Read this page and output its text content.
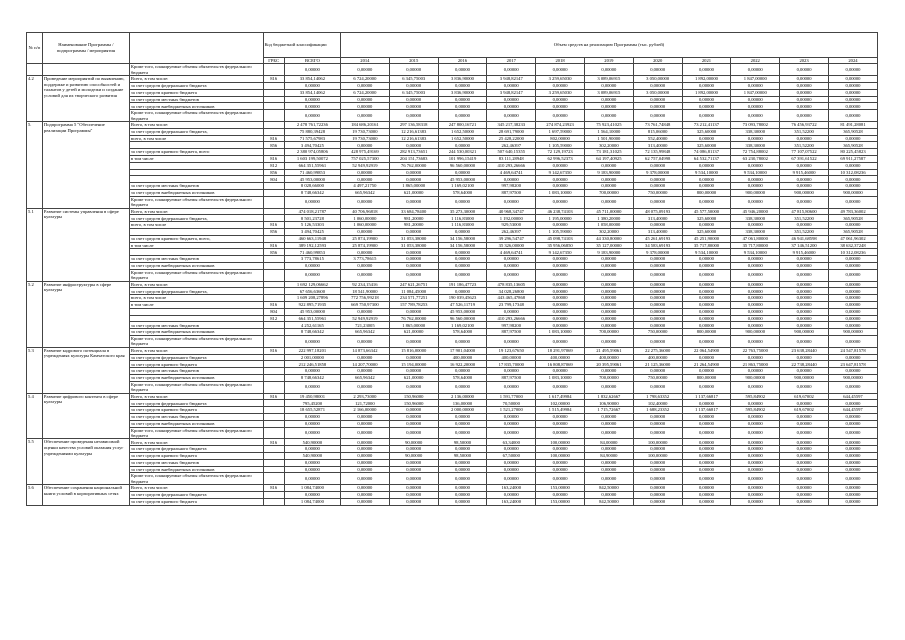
№ п/п	Наименование Программы / подпрограммы / мероприятия		Код бюджетной классификации		Объем средств на реализацию Программы (тыс. рублей)										
			ГРБС	ВСЕГО	2014	2015	2016	2017	2018	2019	2020	2021	2022	2023	2024
		Кроме того, планируемые объемы обязательств федерального бюджета		0,00000	0,00000	0,00000	0,00000	0,00000	0,00000	0,00000	0,00000	0,00000	0,00000	0,00000	0,00000
4.2	Проведение мероприятий по выявлению, поддержке и развитию способностей и талантов у детей и молодежи и создание условий для их творческого развития	Всего, в том числе:	816	33 854,14062	6 724,20000	6 345,75003	3 836,90000	3 948,82147	3 259,65030	3 089,06915	3 050,00000	1 892,00000	1 847,00000	0,00000	0,00000
		за счет средств федерального бюджета		0,00000	0,00000	0,00000	0,00000	0,00000	0,00000	0,00000	0,00000	0,00000	0,00000	0,00000	0,00000
		за счет средств краевого бюджета		33 854,14062	6 724,20000	6 345,75003	3 836,90000	3 948,82147	3 259,65030	3 089,06915	3 050,00000	1 892,00000	1 847,00000	0,00000	0,00000
		за счет средств местных бюджетов		0,00000	0,00000	0,00000	0,00000	0,00000	0,00000	0,00000	0,00000	0,00000	0,00000	0,00000	0,00000
		за счет средств внебюджетных источников		0,00000	0,00000	0,00000	0,00000	0,00000	0,00000	0,00000	0,00000	0,00000	0,00000	0,00000	0,00000
		Кроме того, планируемые объемы обязательств федерального бюджета		0,00000	0,00000	0,00000	0,00000	0,00000	0,00000	0,00000	0,00000	0,00000	0,00000	0,00000	0,00000
5.	Подпрограмма 5 "Обеспечение реализации Программы"	Всего, в том числе:		2 478 761,72236	184 686,20161	297 136,58318	247 800,16721	345 217,38233	274 874,23923	75 923,41025	73 761,74848	73 212,41137	73 093,78002	76 456,93722	81 491,28081
		за счет средств федерального бюджета,		75 880,39428	19 730,73000	12 216,61383	1 652,50000	28 691,79000	1 697,59000	1 564,10000	815,06000	325,60000	338,30000	351,52200	365,90528
		всего, в том числе	816	71 575,67983	19 730,73000	12 216,61383	1 652,50000	25 428,22000	802,00000	1 501,90000	552,40000	0,00000	0,00000	0,00000	0,00000
			856	3 494,70425	0,00000	0,00000	0,00000	262,46397	1 105,59000	302,20000	313,40000	325,60000	338,30000	351,52200	365,90528
		за счет средств краевого бюджета, всего		2 380 974,05806	428 975,49169	282 913,73651	244 530,00321	507 640,15355	72 129,19723	73 181,31025	72 135,99848	74 086,81137	72 754,88002	77 107,07522	80 225,45823
		в том числе	816	1 603 199,50072	757 025,57300	204 151,73683	101 996,15419	83 111,28948	62 996,52373	64 197,40925	62 757,04998	64 532,71137	63 230,78002	67 391,61522	69 911,27587
			812	664 351,55961	52 949,92919	76 762,00000	96 560,00000	410 293,26666	0,00000	0,00000	0,00000	0,00000	0,00000	0,00000	0,00000
			856	71 460,99853	0,00000	0,00000	0,00000	4 469,64741	9 142,67350	9 183,90000	9 378,00000	9 534,10000	9 534,10000	9 915,46000	10 312,08236
			804	45 953,00000	0,00000	0,00000	45 953,00000	0,00000	0,00000	0,00000	0,00000	0,00000	0,00000	0,00000	0,00000
		за счет средств местных бюджетов		8 028,66000	4 497,21750	1 865,00000	1 169,02100	997,98200	0,00000	0,00000	0,00000	0,00000	0,00000	0,00000	0,00000
		за счет средств внебюджетных источников		8 748,66342	665,96342	621,00000	578,64000	887,97500	1 083,10000	700,00000	750,00000	800,00000	900,00000	900,00000	900,00000
		Кроме того, планируемые объемы обязательств федерального бюджета		0,00000	0,00000	0,00000	0,00000	0,00000	0,00000	0,00000	0,00000	0,00000	0,00000	0,00000	0,00000
5.1	Развитие системы управления в сфере культуры	Всего, в том числе:		474 018,21787	40 706,96818	33 684,78400	35 273,30000	40 968,34747	46 238,74103	45 711,00000	48 075,09193	45 577,50000	45 946,20000	47 815,80600	49 783,36002
		за счет средств федерального бюджета,		8 501,23728	1 060,00000	981,20000	1 116,83000	1 192,00000	1 195,00000	1 380,20000	313,40000	325,60000	338,30000	351,52200	365,90528
		всего, в том числе	816	5 126,53303	1 060,00000	981,20000	1 116,83000	929,53000	0,00000	1 058,00000	0,00000	0,00000	0,00000	0,00000	0,00000
			856	3 494,70425	0,00000	0,00000	0,00000	262,46397	1 105,59000	302,20000	313,40000	325,60000	338,30000	351,52200	365,90528
		за счет средств краевого бюджета, всего,		460 663,11948	25 874,19900	31 053,38000	34 156,58000	39 296,54747	45 098,74103	44 330,80000	45 261,69193	45 251,90000	47 061,80000	46 941,68598	47 061,96302
		в том числе	816	389 192,12593	25 874,19900	31 053,38000	34 156,58000	35 326,00000	35 956,06850	35 127,00000	34 583,69193	35 717,80000	35 717,80000	37 146,51200	38 632,37248
			856	71 460,99853	0,00000	0,00000	0,00000	4 469,64741	9 142,67350	9 183,90000	9 378,00000	9 534,10000	9 534,10000	9 915,46000	10 312,08236
		за счет средств местных бюджетов		3 773,78615	3 773,78615	0,00000	0,00000	0,00000	0,00000	0,00000	0,00000	0,00000	0,00000	0,00000	0,00000
		за счет средств внебюджетных источников		0,00000	0,00000	0,00000	0,00000	0,00000	0,00000	0,00000	0,00000	0,00000	0,00000	0,00000	0,00000
		Кроме того, планируемые объемы обязательств федерального бюджета		0,00000	0,00000	0,00000	0,00000	0,00000	0,00000	0,00000	0,00000	0,00000	0,00000	0,00000	0,00000
5.2	Развитие инфраструктуры в сфере культуры	Всего, в том числе:		1 692 129,06662	92 234,15416	247 621,26751	191 186,47723	478 835,13605	0,00000	0,00000	0,00000	0,00000	0,00000	0,00000	0,00000
		за счет средств федерального бюджета,		67 656,63600	18 541,90000	11 084,45000	0,00000	34 028,26800	0,00000	0,00000	0,00000	0,00000	0,00000	0,00000	0,00000
		всего, в том числе		1 609 208,27896	772 756,99218	234 571,77251	190 039,45623	443 465,47868	0,00000	0,00000	0,00000	0,00000	0,00000	0,00000	0,00000
		в том числе	816	922 895,71935	669 750,97300	157 789,78253	47 526,11719	23 799,17348	0,00000	0,00000	0,00000	0,00000	0,00000	0,00000	0,00000
			804	45 953,00000	0,00000	0,00000	45 953,00000	0,00000	0,00000	0,00000	0,00000	0,00000	0,00000	0,00000	0,00000
			812	664 351,55961	52 949,92919	76 762,00000	96 560,00000	410 293,26666	0,00000	0,00000	0,00000	0,00000	0,00000	0,00000	0,00000
		за счет средств местных бюджетов		4 252,61165	721,23005	1 865,00000	1 169,02100	997,98200	0,00000	0,00000	0,00000	0,00000	0,00000	0,00000	0,00000
		за счет средств внебюджетных источников		8 748,66342	665,96342	621,00000	578,64000	887,97500	1 083,10000	700,00000	750,00000	800,00000	900,00000	900,00000	900,00000
		Кроме того, планируемые объемы обязательств федерального бюджета		0,00000	0,00000	0,00000	0,00000	0,00000	0,00000	0,00000	0,00000	0,00000	0,00000	0,00000	0,00000
5.3	Развитие кадрового потенциала в учреждениях культуры Камчатского края	Всего, в том числе:	816	222 997,18201	14 873,66342	15 816,00000	17 901,04000	19 123,67650	18 291,97069	21 495,59061	22 275,36000	22 064,54900	22 763,75000	23 638,28440	24 547,81578
		за счет средств федерального бюджета		2 001,00000	0,00000	0,00000	400,00000	400,00000	400,00000	400,00000	400,00000	0,00000	0,00000	0,00000	0,00000
		за счет средств краевого бюджета		212 246,51858	14 207,70000	15 194,00000	16 922,20000	17 835,70000	16 808,87069	20 395,59061	21 125,36000	21 264,54900	21 863,75000	22 738,28440	23 647,81578
		за счет средств местных бюджетов		0,00000	0,00000	0,00000	0,00000	0,00000	0,00000	0,00000	0,00000	0,00000	0,00000	0,00000	0,00000
		за счет средств внебюджетных источников		8 748,66342	665,96342	621,00000	578,64000	887,97500	1 083,10000	700,00000	750,00000	800,00000	900,00000	900,00000	900,00000
		Кроме того, планируемые объемы обязательств федерального бюджета		0,00000	0,00000	0,00000	0,00000	0,00000	0,00000	0,00000	0,00000	0,00000	0,00000	0,00000	0,00000
5.4	Развитие цифрового контента в сфере культуры	Всего, в том числе:	816	19 450,98001	2 293,73000	150,96000	2 136,00000	1 591,77000	1 617,49984	1 832,62667	1 798,63352	1 137,66817	595,84902	619,67002	644,45597
		за счет средств федерального бюджета		795,45200	121,72000	150,96000	136,00000	70,50000	102,00000	106,90000	102,40000	0,00000	0,00000	0,00000	0,00000
		за счет средств краевого бюджета		18 655,52871	2 166,00000	0,00000	2 000,00000	1 521,27000	1 515,49984	1 715,72667	1 688,23352	1 137,66817	595,84902	619,67002	644,45597
		за счет средств местных бюджетов		0,00000	0,00000	0,00000	0,00000	0,00000	0,00000	0,00000	0,00000	0,00000	0,00000	0,00000	0,00000
		за счет средств внебюджетных источников		0,00000	0,00000	0,00000	0,00000	0,00000	0,00000	0,00000	0,00000	0,00000	0,00000	0,00000	0,00000
		Кроме того, планируемые объемы обязательств федерального бюджета		0,00000	0,00000	0,00000	0,00000	0,00000	0,00000	0,00000	0,00000	0,00000	0,00000	0,00000	0,00000
5.5	Обеспечение проведения независимой оценки качества условий оказания услуг учреждениями культуры	Всего, в том числе:	816	540,90000	0,00000	90,00000	98,50000	63,34000	100,00000	84,00000	100,00000	0,00000	0,00000	0,00000	0,00000
		за счет средств федерального бюджета		0,00000	0,00000	0,00000	0,00000	0,00000	0,00000	0,00000	0,00000	0,00000	0,00000	0,00000	0,00000
		за счет средств краевого бюджета		540,90000	0,00000	90,00000	98,50000	67,50000	100,00000	84,90000	100,00000	0,00000	0,00000	0,00000	0,00000
		за счет средств местных бюджетов		0,00000	0,00000	0,00000	0,00000	0,00000	0,00000	0,00000	0,00000	0,00000	0,00000	0,00000	0,00000
		за счет средств внебюджетных источников		0,00000	0,00000	0,00000	0,00000	0,00000	0,00000	0,00000	0,00000	0,00000	0,00000	0,00000	0,00000
		Кроме того, планируемые объемы обязательств федерального бюджета		0,00000	0,00000	0,00000	0,00000	0,00000	0,00000	0,00000	0,00000	0,00000	0,00000	0,00000	0,00000
5.6	Обеспечение сохранения национальной книги условий в корпоративных сетях	Всего, в том числе:	816	1 084,74000	0,00000	0,00000	0,00000	163,24000	153,00000	842,50000	0,00000	0,00000	0,00000	0,00000	0,00000
		за счет средств федерального бюджета		0,00000	0,00000	0,00000	0,00000	0,00000	0,00000	0,00000	0,00000	0,00000	0,00000	0,00000	0,00000
		за счет средств краевого бюджета		1 084,74000	0,00000	0,00000	0,00000	163,24000	153,00000	842,50000	0,00000	0,00000	0,00000	0,00000	0,00000
